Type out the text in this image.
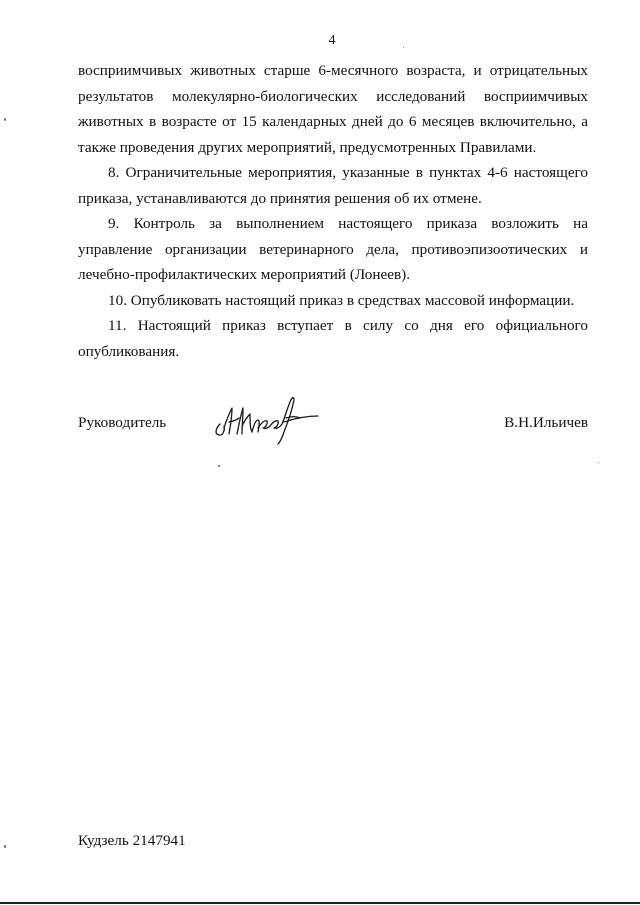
4

восприимчивых животных старше 6-месячного возраста, и отрицательных результатов молекулярно-биологических исследований восприимчивых животных в возрасте от 15 календарных дней до 6 месяцев включительно, а также проведения других мероприятий, предусмотренных Правилами.

8. Ограничительные мероприятия, указанные в пунктах 4-6 настоящего приказа, устанавливаются до принятия решения об их отмене.

9. Контроль за выполнением настоящего приказа возложить на управление организации ветеринарного дела, противоэпизоотических и лечебно-профилактических мероприятий (Лонеев).

10. Опубликовать настоящий приказ в средствах массовой информации.

11. Настоящий приказ вступает в силу со дня его официального опубликования.

Руководитель	В.Н.Ильичев
Кудзель 2147941
